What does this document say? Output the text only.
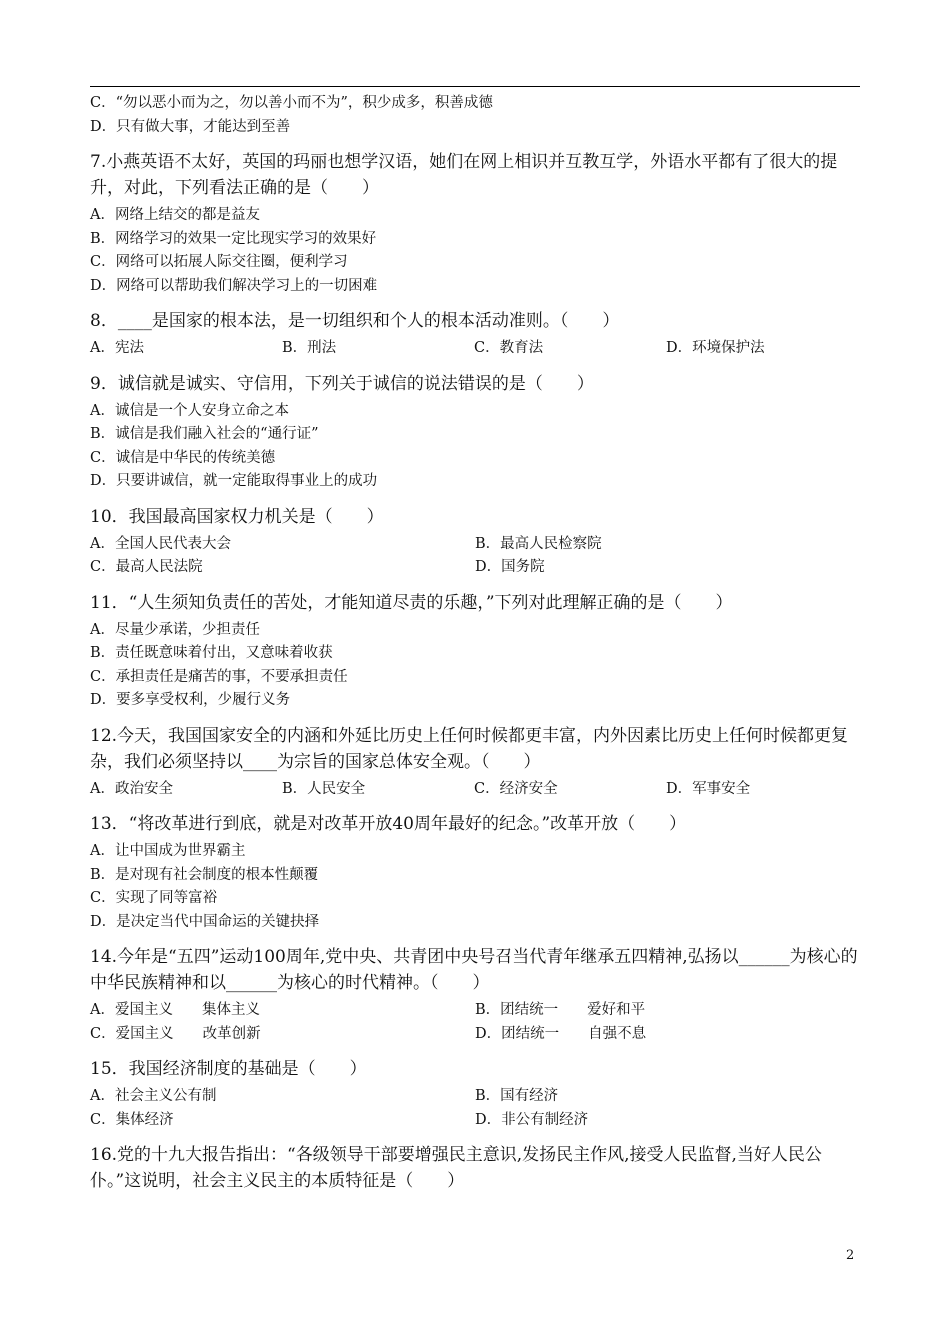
C．“勿以恶小而为之，勿以善小而不为”，积少成多，积善成德
D．只有做大事，才能达到至善
7.小燕英语不太好，英国的玛丽也想学汉语，她们在网上相识并互教互学，外语水平都有了很大的提升，对此，下列看法正确的是（　　）
A．网络上结交的都是益友
B．网络学习的效果一定比现实学习的效果好
C．网络可以拓展人际交往圈，便利学习
D．网络可以帮助我们解决学习上的一切困难
8．____是国家的根本法，是一切组织和个人的根本活动准则。（　　）
A．宪法	B．刑法	C．教育法	D．环境保护法
9．诚信就是诚实、守信用，下列关于诚信的说法错误的是（　　）
A．诚信是一个人安身立命之本
B．诚信是我们融入社会的“通行证”
C．诚信是中华民的传统美德
D．只要讲诚信，就一定能取得事业上的成功
10．我国最高国家权力机关是（　　）
A．全国人民代表大会	B．最高人民检察院
C．最高人民法院	D．国务院
11．“人生须知负责任的苦处，才能知道尽责的乐趣，”下列对此理解正确的是（　　）
A．尽量少承诺，少担责任
B．责任既意味着付出，又意味着收获
C．承担责任是痛苦的事，不要承担责任
D．要多享受权利，少履行义务
12.今天，我国国家安全的内涵和外延比历史上任何时候都更丰富，内外因素比历史上任何时候都更复杂，我们必须坚持以____为宗旨的国家总体安全观。（　　）
A．政治安全	B．人民安全	C．经济安全	D．军事安全
13．“将改革进行到底，就是对改革开放40周年最好的纪念。”改革开放（　　）
A．让中国成为世界霸主
B．是对现有社会制度的根本性颠覆
C．实现了同等富裕
D．是决定当代中国命运的关键抉择
14.今年是“五四”运动100周年,党中央、共青团中央号召当代青年继承五四精神,弘扬以______为核心的中华民族精神和以______为核心的时代精神。（　　）
A．爱国主义　　集体主义	B．团结统一　　爱好和平
C．爱国主义　　改革创新	D．团结统一　　自强不息
15．我国经济制度的基础是（　　）
A．社会主义公有制	B．国有经济
C．集体经济	D．非公有制经济
16.党的十九大报告指出：“各级领导干部要增强民主意识,发扬民主作风,接受人民监督,当好人民公仆。”这说明，社会主义民主的本质特征是（　　）
2
